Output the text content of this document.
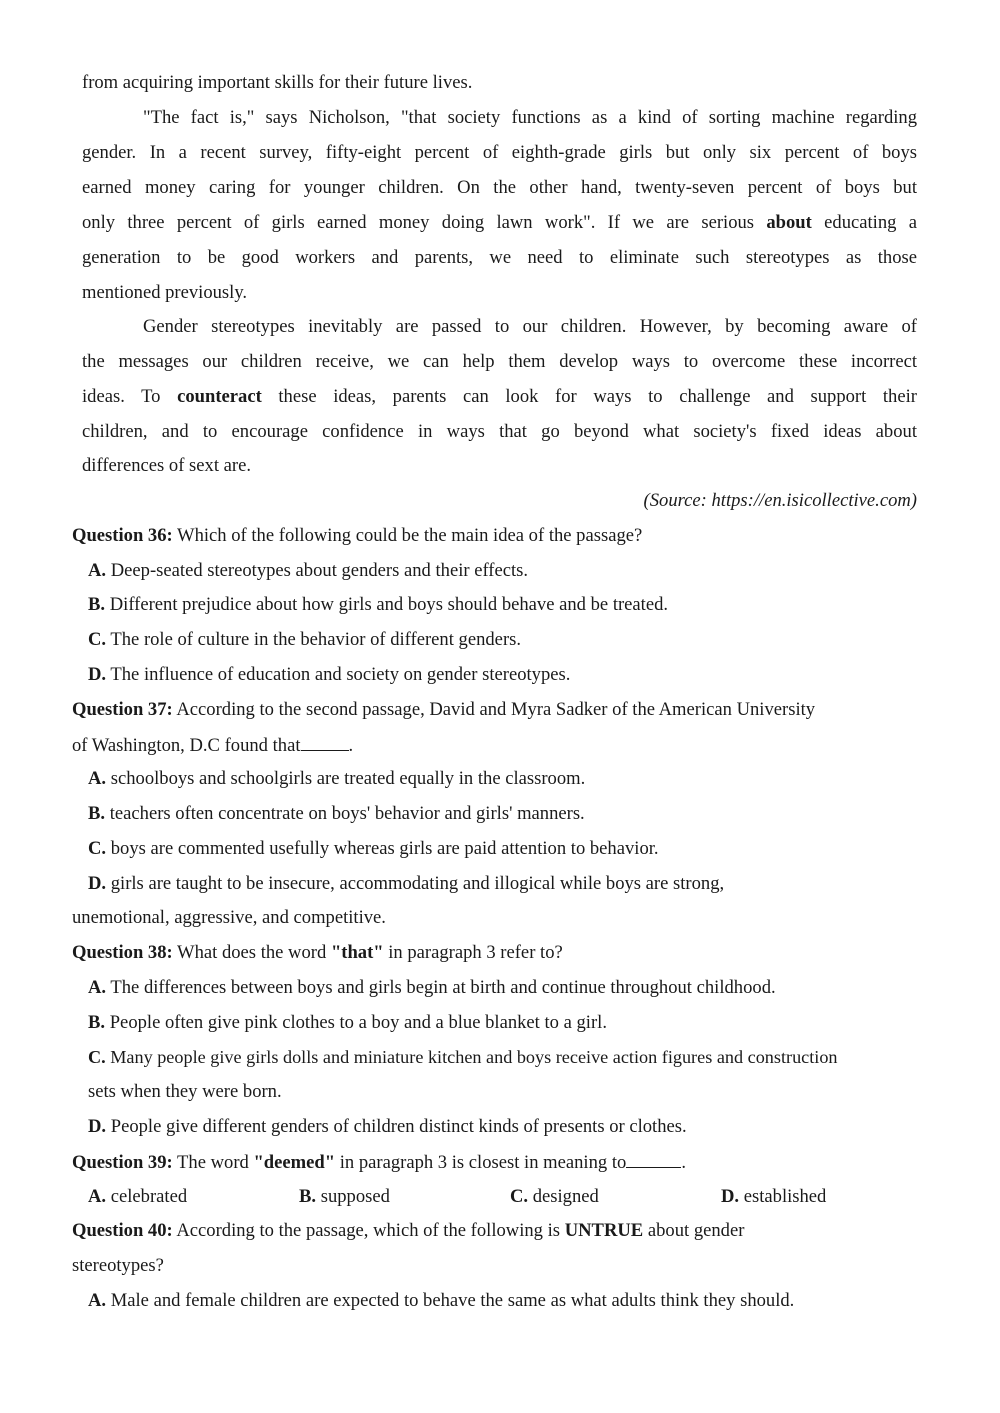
from acquiring important skills for their future lives.
"The fact is," says Nicholson, "that society functions as a kind of sorting machine regarding
gender. In a recent survey, fifty-eight percent of eighth-grade girls but only six percent of boys
earned money caring for younger children. On the other hand, twenty-seven percent of boys but
only three percent of girls earned money doing lawn work". If we are serious about educating a
generation to be good workers and parents, we need to eliminate such stereotypes as those
mentioned previously.
Gender stereotypes inevitably are passed to our children. However, by becoming aware of
the messages our children receive, we can help them develop ways to overcome these incorrect
ideas. To counteract these ideas, parents can look for ways to challenge and support their
children, and to encourage confidence in ways that go beyond what society's fixed ideas about
differences of sext are.
(Source: https://en.isicollective.com)
Question 36: Which of the following could be the main idea of the passage?
A. Deep-seated stereotypes about genders and their effects.
B. Different prejudice about how girls and boys should behave and be treated.
C. The role of culture in the behavior of different genders.
D. The influence of education and society on gender stereotypes.
Question 37: According to the second passage, David and Myra Sadker of the American University
of Washington, D.C found that	.
A. schoolboys and schoolgirls are treated equally in the classroom.
B. teachers often concentrate on boys' behavior and girls' manners.
C. boys are commented usefully whereas girls are paid attention to behavior.
D. girls are taught to be insecure, accommodating and illogical while boys are strong,
unemotional, aggressive, and competitive.
Question 38: What does the word "that" in paragraph 3 refer to?
A. The differences between boys and girls begin at birth and continue throughout childhood.
B. People often give pink clothes to a boy and a blue blanket to a girl.
C. Many people give girls dolls and miniature kitchen and boys receive action figures and construction
sets when they were born.
D. People give different genders of children distinct kinds of presents or clothes.
Question 39: The word "deemed" in paragraph 3 is closest in meaning to	.
A. celebrated	B. supposed	C. designed	D. established
Question 40: According to the passage, which of the following is UNTRUE about gender
stereotypes?
A. Male and female children are expected to behave the same as what adults think they should.
